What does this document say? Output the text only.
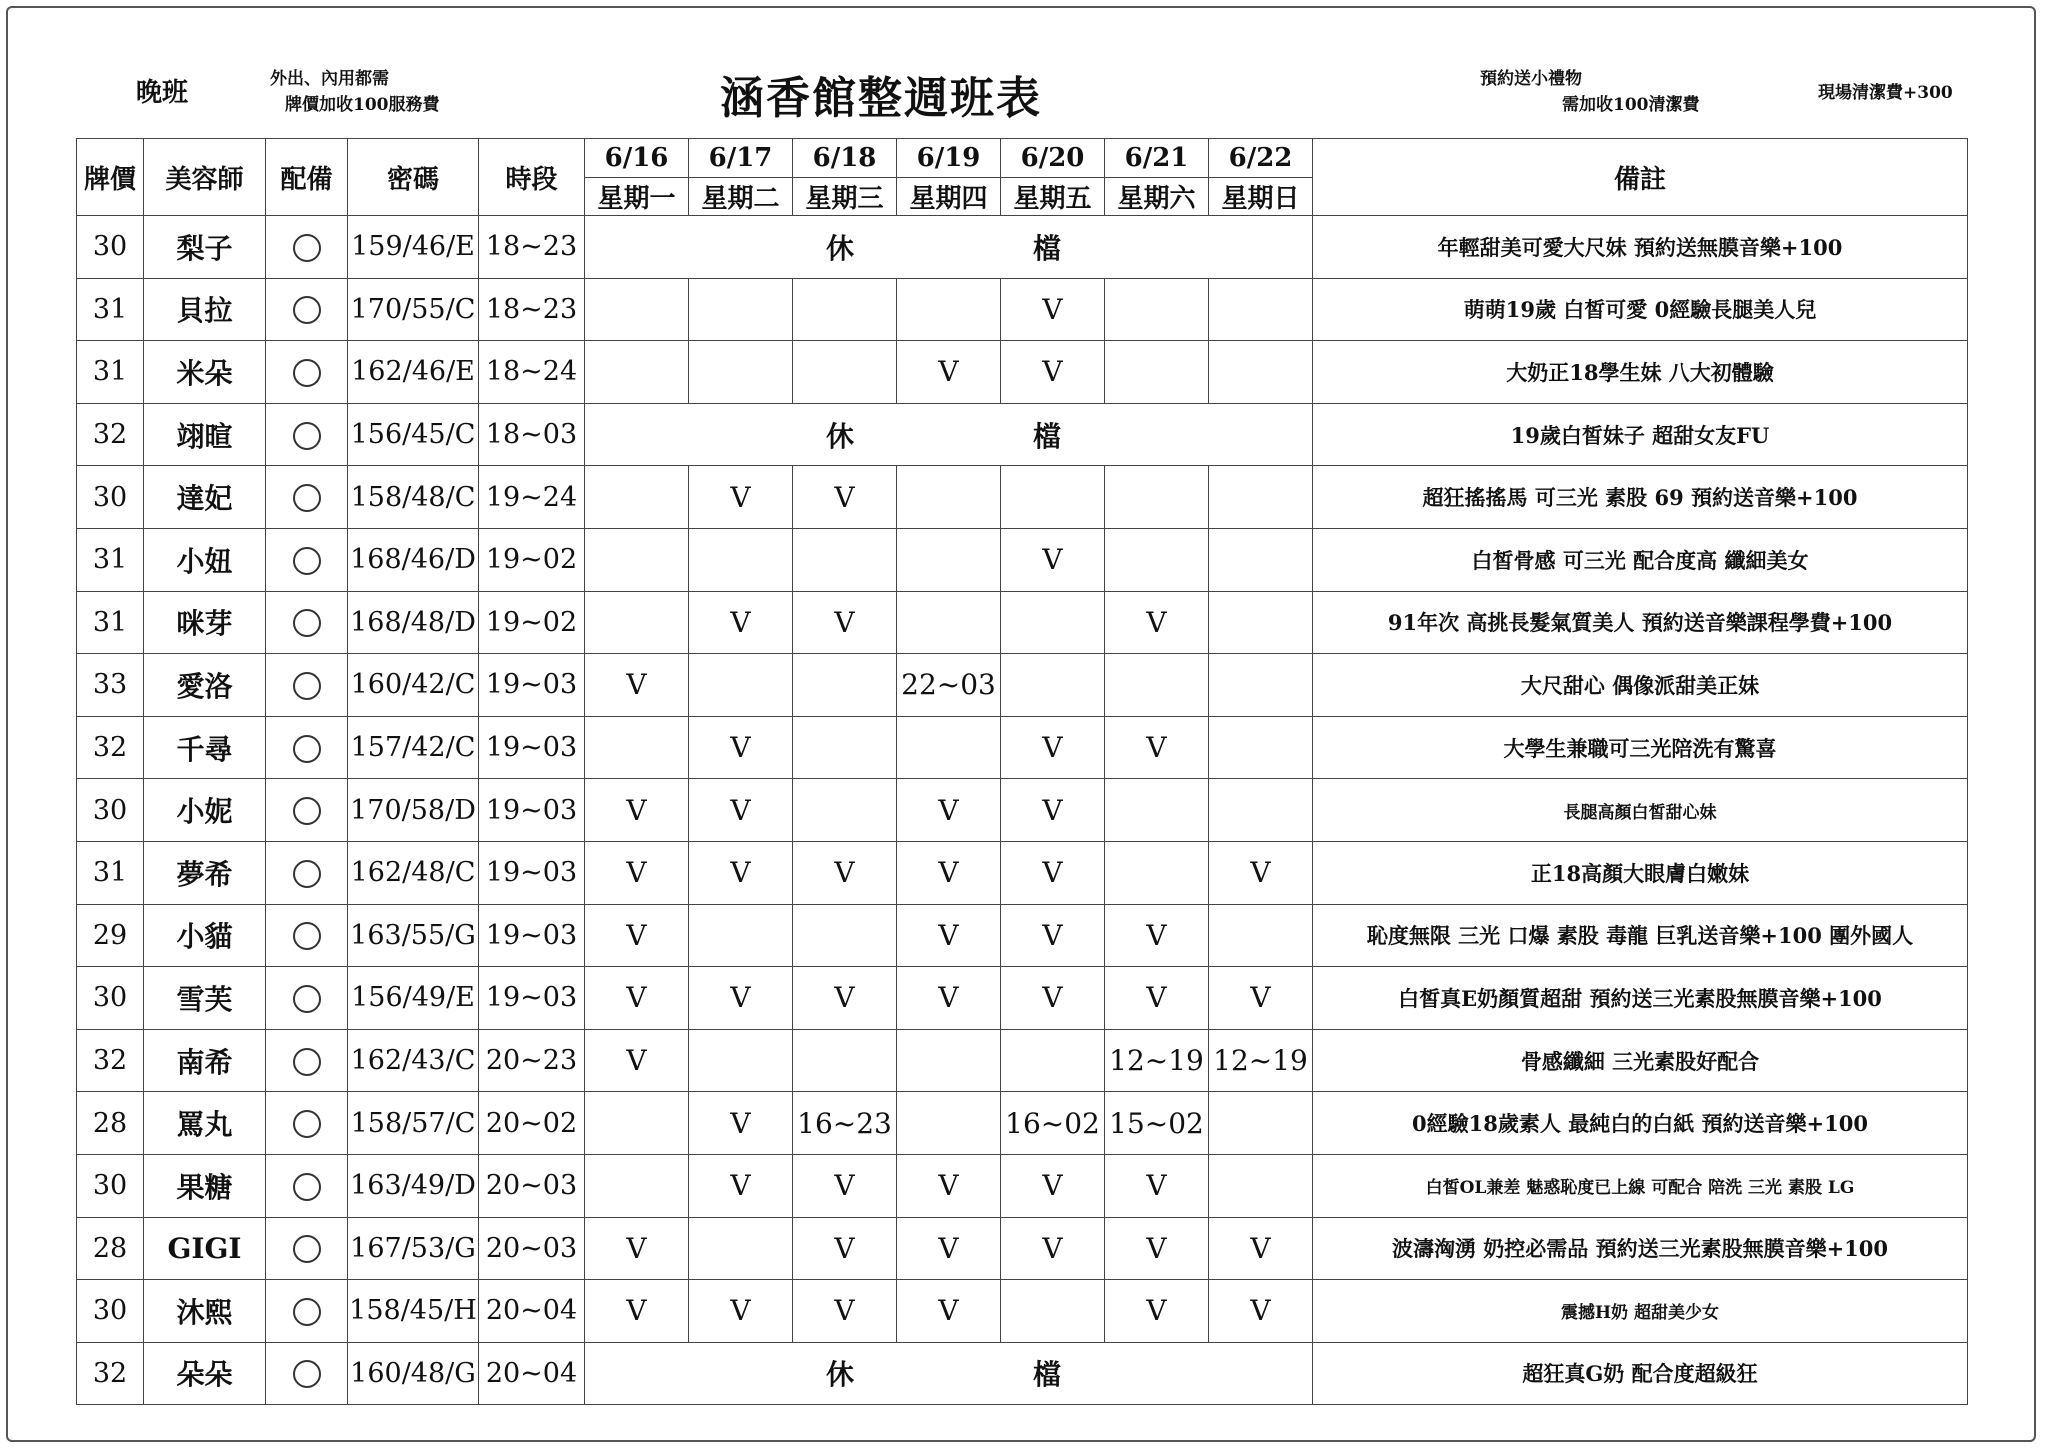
晚班	外出、內用都需
牌價加收100服務費	涵香館整週班表	預約送小禮物
需加收100清潔費
現場清潔費+300
牌價	美容師	配備	密碼	時段	6/16	6/17	6/18	6/19	6/20	6/21	6/22	備註
					星期一	星期二	星期三	星期四	星期五	星期六	星期日	
30	梨子		159/46/E	18~23	休 檔							年輕甜美可愛大尺妹 預約送無膜音樂+100
31	貝拉		170/55/C	18~23					V			萌萌19歲 白皙可愛 0經驗長腿美人兒
31	米朵		162/46/E	18~24				V	V			大奶正18學生妹 八大初體驗
32	翊暄		156/45/C	18~03	休 檔							19歲白皙妹子 超甜女友FU
30	達妃		158/48/C	19~24		V	V					超狂搖搖馬 可三光 素股 69 預約送音樂+100
31	小妞		168/46/D	19~02					V			白皙骨感 可三光 配合度高 纖細美女
31	咪芽		168/48/D	19~02		V	V			V		91年次 高挑長髮氣質美人 預約送音樂課程學費+100
33	愛洛		160/42/C	19~03	V			22~03				大尺甜心 偶像派甜美正妹
32	千尋		157/42/C	19~03		V			V	V		大學生兼職可三光陪洗有驚喜
30	小妮		170/58/D	19~03	V	V		V	V			長腿高顏白皙甜心妹
31	夢希		162/48/C	19~03	V	V	V	V	V		V	正18高顏大眼膚白嫩妹
29	小貓		163/55/G	19~03	V			V	V	V		恥度無限 三光 口爆 素股 毒龍 巨乳送音樂+100 團外國人
30	雪芙		156/49/E	19~03	V	V	V	V	V	V	V	白皙真E奶顏質超甜 預約送三光素股無膜音樂+100
32	南希		162/43/C	20~23	V					12~19	12~19	骨感纖細 三光素股好配合
28	罵丸		158/57/C	20~02		V	16~23		16~02	15~02		0經驗18歲素人 最純白的白紙 預約送音樂+100
30	果糖		163/49/D	20~03		V	V	V	V	V		白皙OL兼差 魅惑恥度已上線 可配合 陪洗 三光 素股 LG
28	GIGI		167/53/G	20~03	V		V	V	V	V	V	波濤洶湧 奶控必需品 預約送三光素股無膜音樂+100
30	沐熙		158/45/H	20~04	V	V	V	V		V	V	震撼H奶 超甜美少女
32	朵朵		160/48/G	20~04	休 檔							超狂真G奶 配合度超級狂
